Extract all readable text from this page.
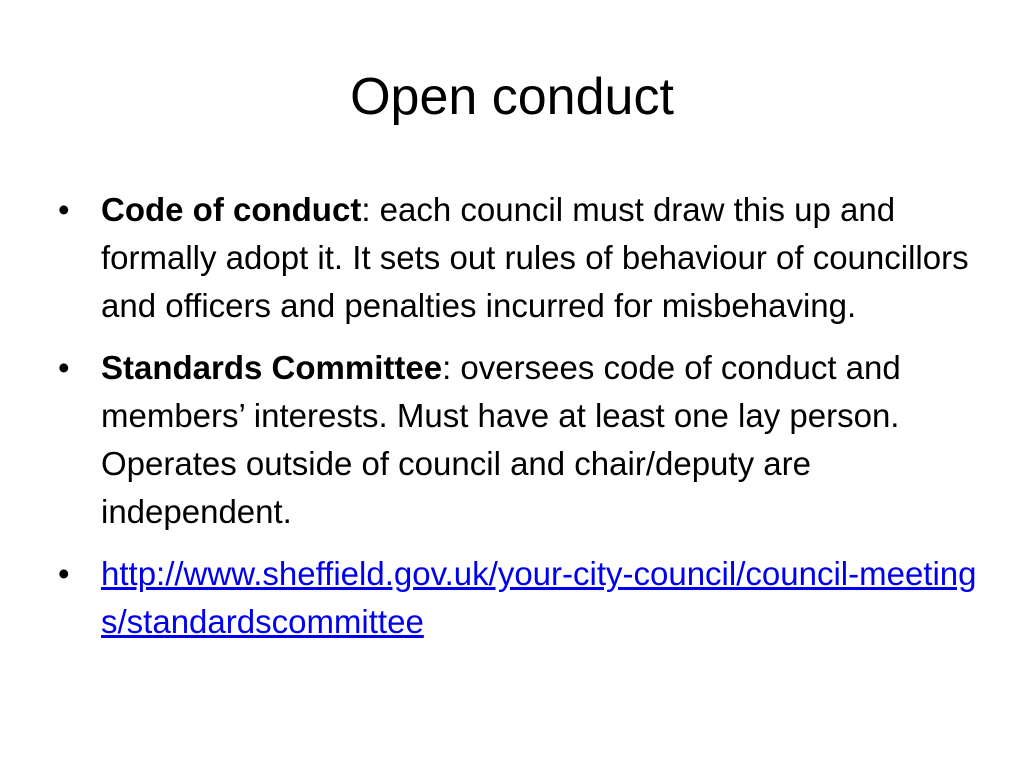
Open conduct
• Code of conduct: each council must draw this up and formally adopt it. It sets out rules of behaviour of councillors and officers and penalties incurred for misbehaving.
• Standards Committee: oversees code of conduct and members’ interests. Must have at least one lay person. Operates outside of council and chair/deputy are independent.
• http://www.sheffield.gov.uk/your-city-council/council-meetings/standardscommittee
